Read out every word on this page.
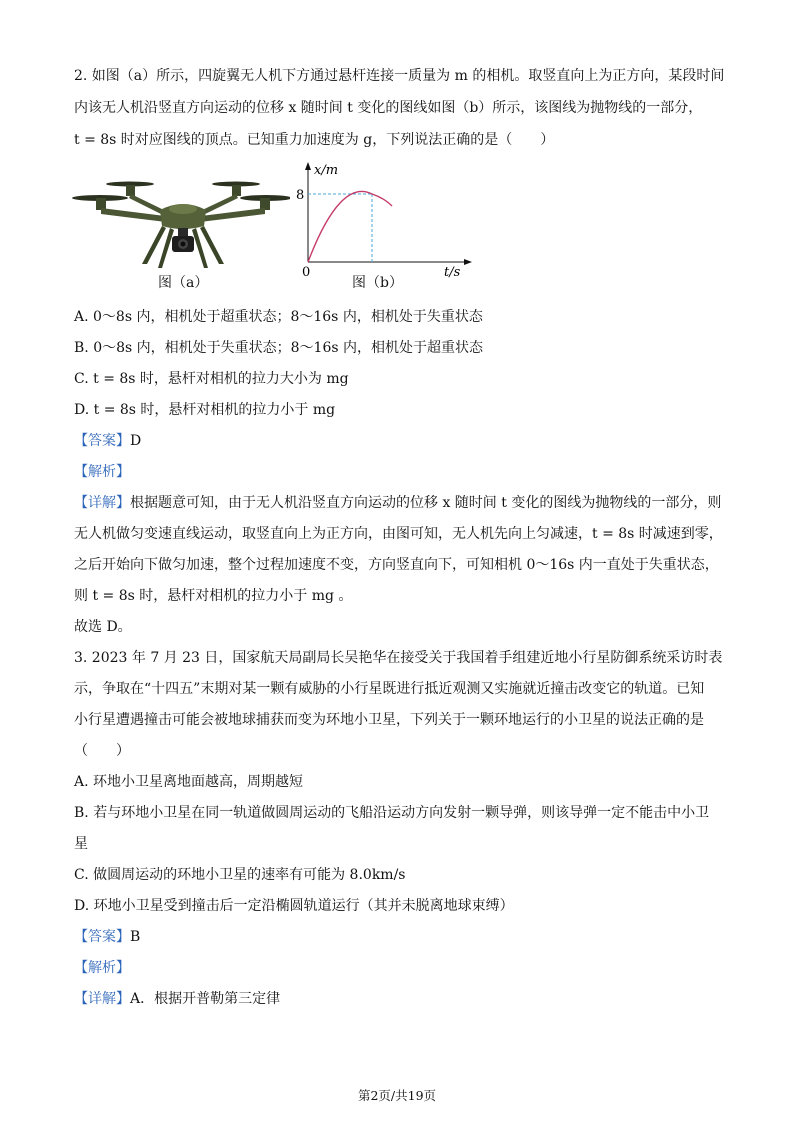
2. 如图（a）所示，四旋翼无人机下方通过悬杆连接一质量为 m 的相机。取竖直向上为正方向，某段时间
内该无人机沿竖直方向运动的位移 x 随时间 t 变化的图线如图（b）所示，该图线为抛物线的一部分，
t = 8s 时对应图线的顶点。已知重力加速度为 g，下列说法正确的是（　　）
图（a）
x/m
8
0	t/s
图（b）
A. 0～8s 内，相机处于超重状态；8～16s 内，相机处于失重状态
B. 0～8s 内，相机处于失重状态；8～16s 内，相机处于超重状态
C. t = 8s 时，悬杆对相机的拉力大小为 mg
D. t = 8s 时，悬杆对相机的拉力小于 mg
【答案】D
【解析】
【详解】根据题意可知，由于无人机沿竖直方向运动的位移 x 随时间 t 变化的图线为抛物线的一部分，则
无人机做匀变速直线运动，取竖直向上为正方向，由图可知，无人机先向上匀减速，t = 8s 时减速到零，
之后开始向下做匀加速，整个过程加速度不变，方向竖直向下，可知相机 0～16s 内一直处于失重状态，
则 t = 8s 时，悬杆对相机的拉力小于 mg 。
故选 D。
3. 2023 年 7 月 23 日，国家航天局副局长吴艳华在接受关于我国着手组建近地小行星防御系统采访时表
示，争取在“十四五”末期对某一颗有威胁的小行星既进行抵近观测又实施就近撞击改变它的轨道。已知
小行星遭遇撞击可能会被地球捕获而变为环地小卫星，下列关于一颗环地运行的小卫星的说法正确的是
（　　）
A. 环地小卫星离地面越高，周期越短
B. 若与环地小卫星在同一轨道做圆周运动的飞船沿运动方向发射一颗导弹，则该导弹一定不能击中小卫
星
C. 做圆周运动的环地小卫星的速率有可能为 8.0km/s
D. 环地小卫星受到撞击后一定沿椭圆轨道运行（其并未脱离地球束缚）
【答案】B
【解析】
【详解】A．根据开普勒第三定律
第2页/共19页
